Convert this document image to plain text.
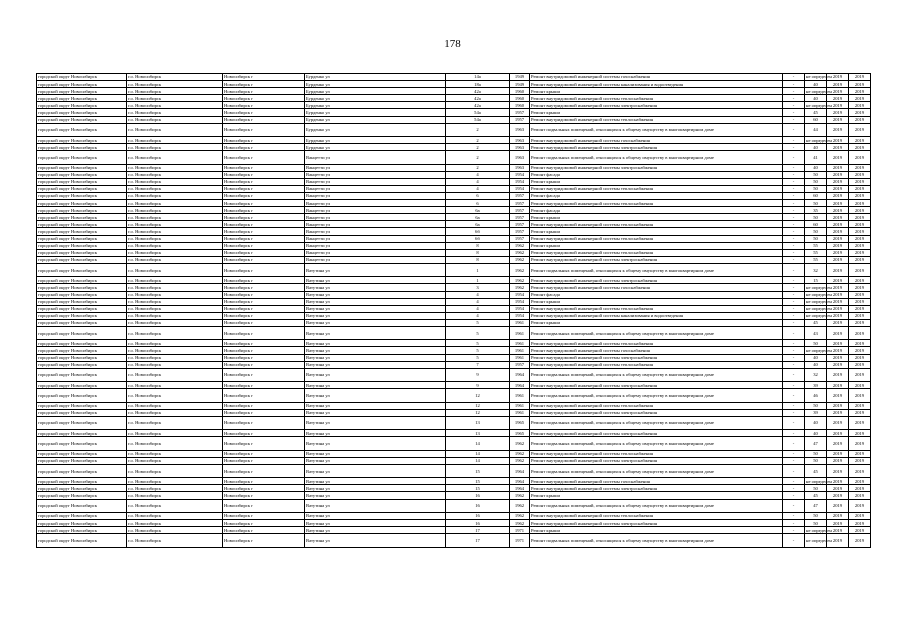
178
городской округ Новосибирск	г.о. Новосибирск	Новосибирск г	Бурденко ул	14а	1949	Ремонт внутридомовой инженерной системы газоснабжения	-	не определен	2019	2019
городской округ Новосибирск	г.о. Новосибирск	Новосибирск г	Бурденко ул	18а	1949	Ремонт внутридомовой инженерной системы канализования и водоотведения	-	40	2019	2019
городской округ Новосибирск	г.о. Новосибирск	Новосибирск г	Бурденко ул	42а	1960	Ремонт крыши	-	не определен	2019	2019
городской округ Новосибирск	г.о. Новосибирск	Новосибирск г	Бурденко ул	42а	1960	Ремонт внутридомовой инженерной системы теплоснабжения	-	40	2019	2019
городской округ Новосибирск	г.о. Новосибирск	Новосибирск г	Бурденко ул	42а	1960	Ремонт внутридомовой инженерной системы электроснабжения	-	не определен	2019	2019
городской округ Новосибирск	г.о. Новосибирск	Новосибирск г	Бурденко ул	54а	1957	Ремонт крыши	-	45	2019	2019
городской округ Новосибирск	г.о. Новосибирск	Новосибирск г	Бурденко ул	54а	1957	Ремонт внутридомовой инженерной системы теплоснабжения	-	60	2019	2019
городской округ Новосибирск	г.о. Новосибирск	Новосибирск г	Бурденко ул	2	1963	Ремонт подвальных помещений, относящихся к общему имуществу в многоквартирном доме	-	44	2019	2019
городской округ Новосибирск	г.о. Новосибирск	Новосибирск г	Бурденко ул	2	1963	Ремонт внутридомовой инженерной системы газоснабжения	-	не определен	2019	2019
городской округ Новосибирск	г.о. Новосибирск	Новосибирск г	Бурденко ул	2	1963	Ремонт внутридомовой инженерной системы электроснабжения	-	40	2019	2019
городской округ Новосибирск	г.о. Новосибирск	Новосибирск г	Ванцетти ул	2	1963	Ремонт подвальных помещений, относящихся к общему имуществу в многоквартирном доме	-	41	2019	2019
городской округ Новосибирск	г.о. Новосибирск	Новосибирск г	Ванцетти ул	2	1963	Ремонт внутридомовой инженерной системы электроснабжения	-	40	2019	2019
городской округ Новосибирск	г.о. Новосибирск	Новосибирск г	Ванцетти ул	4	1954	Ремонт фасада	-	50	2019	2019
городской округ Новосибирск	г.о. Новосибирск	Новосибирск г	Ванцетти ул	4	1954	Ремонт крыши	-	50	2019	2019
городской округ Новосибирск	г.о. Новосибирск	Новосибирск г	Ванцетти ул	4	1954	Ремонт внутридомовой инженерной системы теплоснабжения	-	50	2019	2019
городской округ Новосибирск	г.о. Новосибирск	Новосибирск г	Ванцетти ул	6	1957	Ремонт фасада	-	60	2019	2019
городской округ Новосибирск	г.о. Новосибирск	Новосибирск г	Ванцетти ул	6	1957	Ремонт внутридомовой инженерной системы теплоснабжения	-	50	2019	2019
городской округ Новосибирск	г.о. Новосибирск	Новосибирск г	Ванцетти ул	6а	1957	Ремонт фасада	-	35	2019	2019
городской округ Новосибирск	г.о. Новосибирск	Новосибирск г	Ванцетти ул	6а	1957	Ремонт крыши	-	50	2019	2019
городской округ Новосибирск	г.о. Новосибирск	Новосибирск г	Ванцетти ул	6а	1957	Ремонт внутридомовой инженерной системы теплоснабжения	-	60	2019	2019
городской округ Новосибирск	г.о. Новосибирск	Новосибирск г	Ванцетти ул	6б	1957	Ремонт крыши	-	50	2019	2019
городской округ Новосибирск	г.о. Новосибирск	Новосибирск г	Ванцетти ул	6б	1957	Ремонт внутридомовой инженерной системы теплоснабжения	-	50	2019	2019
городской округ Новосибирск	г.о. Новосибирск	Новосибирск г	Ванцетти ул	8	1962	Ремонт крыши	-	55	2019	2019
городской округ Новосибирск	г.о. Новосибирск	Новосибирск г	Ванцетти ул	8	1962	Ремонт внутридомовой инженерной системы теплоснабжения	-	55	2019	2019
городской округ Новосибирск	г.о. Новосибирск	Новосибирск г	Ванцетти ул	8	1962	Ремонт внутридомовой инженерной системы электроснабжения	-	55	2019	2019
городской округ Новосибирск	г.о. Новосибирск	Новосибирск г	Ватутина ул	1	1962	Ремонт подвальных помещений, относящихся к общему имуществу в многоквартирном доме	-	32	2019	2019
городской округ Новосибирск	г.о. Новосибирск	Новосибирск г	Ватутина ул	1	1962	Ремонт внутридомовой инженерной системы электроснабжения	-	15	2019	2019
городской округ Новосибирск	г.о. Новосибирск	Новосибирск г	Ватутина ул	3	1962	Ремонт внутридомовой инженерной системы газоснабжения	-	не определен	2019	2019
городской округ Новосибирск	г.о. Новосибирск	Новосибирск г	Ватутина ул	4	1954	Ремонт фасада	-	не определен	2019	2019
городской округ Новосибирск	г.о. Новосибирск	Новосибирск г	Ватутина ул	4	1954	Ремонт крыши	-	не определен	2019	2019
городской округ Новосибирск	г.о. Новосибирск	Новосибирск г	Ватутина ул	4	1954	Ремонт внутридомовой инженерной системы теплоснабжения	-	не определен	2019	2019
городской округ Новосибирск	г.о. Новосибирск	Новосибирск г	Ватутина ул	4	1954	Ремонт внутридомовой инженерной системы канализования и водоотведения	-	не определен	2019	2019
городской округ Новосибирск	г.о. Новосибирск	Новосибирск г	Ватутина ул	5	1961	Ремонт крыши	-	45	2019	2019
городской округ Новосибирск	г.о. Новосибирск	Новосибирск г	Ватутина ул	5	1961	Ремонт подвальных помещений, относящихся к общему имуществу в многоквартирном доме	-	43	2019	2019
городской округ Новосибирск	г.о. Новосибирск	Новосибирск г	Ватутина ул	5	1961	Ремонт внутридомовой инженерной системы теплоснабжения	-	50	2019	2019
городской округ Новосибирск	г.о. Новосибирск	Новосибирск г	Ватутина ул	5	1961	Ремонт внутридомовой инженерной системы газоснабжения	-	не определен	2019	2019
городской округ Новосибирск	г.о. Новосибирск	Новосибирск г	Ватутина ул	5	1961	Ремонт внутридомовой инженерной системы электроснабжения	-	40	2019	2019
городской округ Новосибирск	г.о. Новосибирск	Новосибирск г	Ватутина ул	7	1957	Ремонт внутридомовой инженерной системы теплоснабжения	-	40	2019	2019
городской округ Новосибирск	г.о. Новосибирск	Новосибирск г	Ватутина ул	9	1964	Ремонт подвальных помещений, относящихся к общему имуществу в многоквартирном доме	-	32	2019	2019
городской округ Новосибирск	г.о. Новосибирск	Новосибирск г	Ватутина ул	9	1964	Ремонт внутридомовой инженерной системы электроснабжения	-	39	2019	2019
городской округ Новосибирск	г.о. Новосибирск	Новосибирск г	Ватутина ул	12	1961	Ремонт подвальных помещений, относящихся к общему имуществу в многоквартирном доме	-	46	2019	2019
городской округ Новосибирск	г.о. Новосибирск	Новосибирск г	Ватутина ул	12	1961	Ремонт внутридомовой инженерной системы теплоснабжения	-	50	2019	2019
городской округ Новосибирск	г.о. Новосибирск	Новосибирск г	Ватутина ул	12	1961	Ремонт внутридомовой инженерной системы электроснабжения	-	39	2019	2019
городской округ Новосибирск	г.о. Новосибирск	Новосибирск г	Ватутина ул	13	1965	Ремонт подвальных помещений, относящихся к общему имуществу в многоквартирном доме	-	40	2019	2019
городской округ Новосибирск	г.о. Новосибирск	Новосибирск г	Ватутина ул	13	1965	Ремонт внутридомовой инженерной системы электроснабжения	-	40	2019	2019
городской округ Новосибирск	г.о. Новосибирск	Новосибирск г	Ватутина ул	14	1962	Ремонт подвальных помещений, относящихся к общему имуществу в многоквартирном доме	-	47	2019	2019
городской округ Новосибирск	г.о. Новосибирск	Новосибирск г	Ватутина ул	14	1962	Ремонт внутридомовой инженерной системы теплоснабжения	-	50	2019	2019
городской округ Новосибирск	г.о. Новосибирск	Новосибирск г	Ватутина ул	14	1962	Ремонт внутридомовой инженерной системы электроснабжения	-	50	2019	2019
городской округ Новосибирск	г.о. Новосибирск	Новосибирск г	Ватутина ул	15	1964	Ремонт подвальных помещений, относящихся к общему имуществу в многоквартирном доме	-	45	2019	2019
городской округ Новосибирск	г.о. Новосибирск	Новосибирск г	Ватутина ул	15	1964	Ремонт внутридомовой инженерной системы газоснабжения	-	не определен	2019	2019
городской округ Новосибирск	г.о. Новосибирск	Новосибирск г	Ватутина ул	15	1964	Ремонт внутридомовой инженерной системы электроснабжения	-	50	2019	2019
городской округ Новосибирск	г.о. Новосибирск	Новосибирск г	Ватутина ул	16	1962	Ремонт крыши	-	45	2019	2019
городской округ Новосибирск	г.о. Новосибирск	Новосибирск г	Ватутина ул	16	1962	Ремонт подвальных помещений, относящихся к общему имуществу в многоквартирном доме	-	47	2019	2019
городской округ Новосибирск	г.о. Новосибирск	Новосибирск г	Ватутина ул	16	1962	Ремонт внутридомовой инженерной системы теплоснабжения	-	50	2019	2019
городской округ Новосибирск	г.о. Новосибирск	Новосибирск г	Ватутина ул	16	1962	Ремонт внутридомовой инженерной системы электроснабжения	-	50	2019	2019
городской округ Новосибирск	г.о. Новосибирск	Новосибирск г	Ватутина ул	17	1971	Ремонт крыши	-	не определен	2019	2019
городской округ Новосибирск	г.о. Новосибирск	Новосибирск г	Ватутина ул	17	1971	Ремонт подвальных помещений, относящихся к общему имуществу в многоквартирном доме	-	не определен	2019	2019
